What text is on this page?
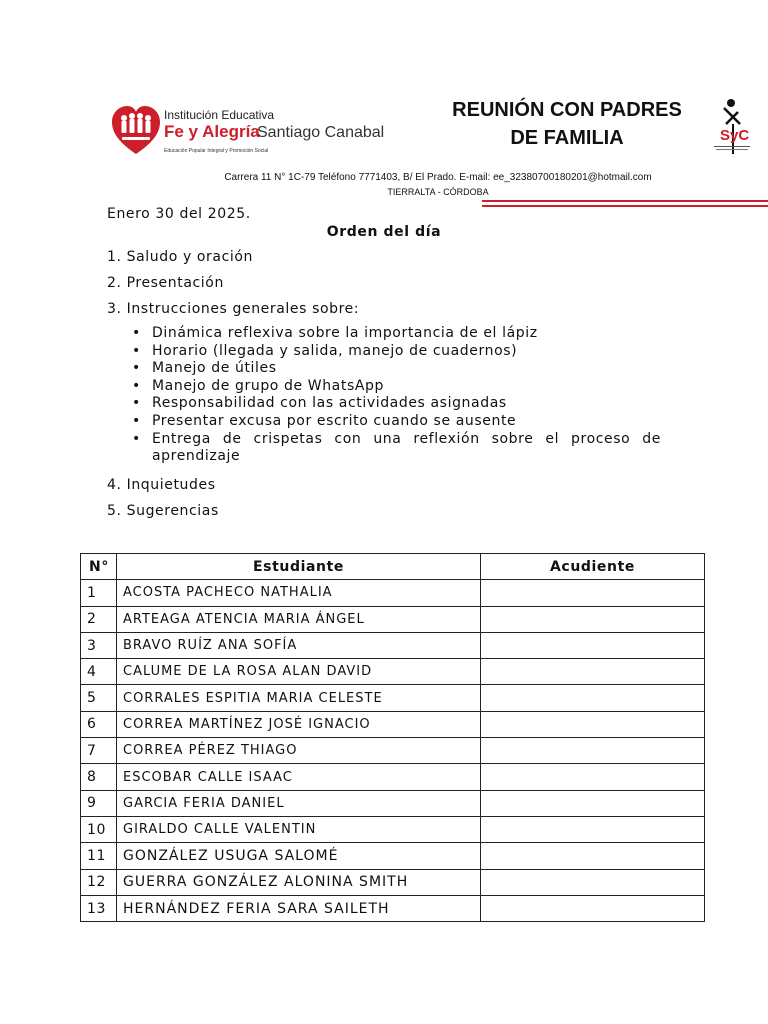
Institución Educativa
Fe y Alegría
Santiago Canabal
Educación Popular Integral y Promoción Social
REUNIÓN CON PADRES
DE FAMILIA	SyC
Carrera 11 N° 1C-79 Teléfono 7771403, B/ El Prado. E-mail: ee_32380700180201@hotmail.com
TIERRALTA - CÓRDOBA
Enero 30 del 2025.
Orden del día
1. Saludo y oración
2. Presentación
3. Instrucciones generales sobre:
• Dinámica reflexiva sobre la importancia de el lápiz
• Horario (llegada y salida, manejo de cuadernos)
• Manejo de útiles
• Manejo de grupo de WhatsApp
• Responsabilidad con las actividades asignadas
• Presentar excusa por escrito cuando se ausente
• Entrega de crispetas con una reflexión sobre el proceso de aprendizaje
4. Inquietudes
5. Sugerencias
N°	Estudiante	Acudiente
1	ACOSTA PACHECO NATHALIA	
2	ARTEAGA ATENCIA MARIA ÁNGEL	
3	BRAVO RUÍZ ANA SOFÍA	
4	CALUME DE LA ROSA ALAN DAVID	
5	CORRALES ESPITIA MARIA CELESTE	
6	CORREA MARTÍNEZ JOSÉ IGNACIO	
7	CORREA PÉREZ THIAGO	
8	ESCOBAR CALLE ISAAC	
9	GARCIA FERIA DANIEL	
10	GIRALDO CALLE VALENTIN	
11	GONZÁLEZ USUGA SALOMÉ	
12	GUERRA GONZÁLEZ ALONINA SMITH	
13	HERNÁNDEZ FERIA SARA SAILETH	
